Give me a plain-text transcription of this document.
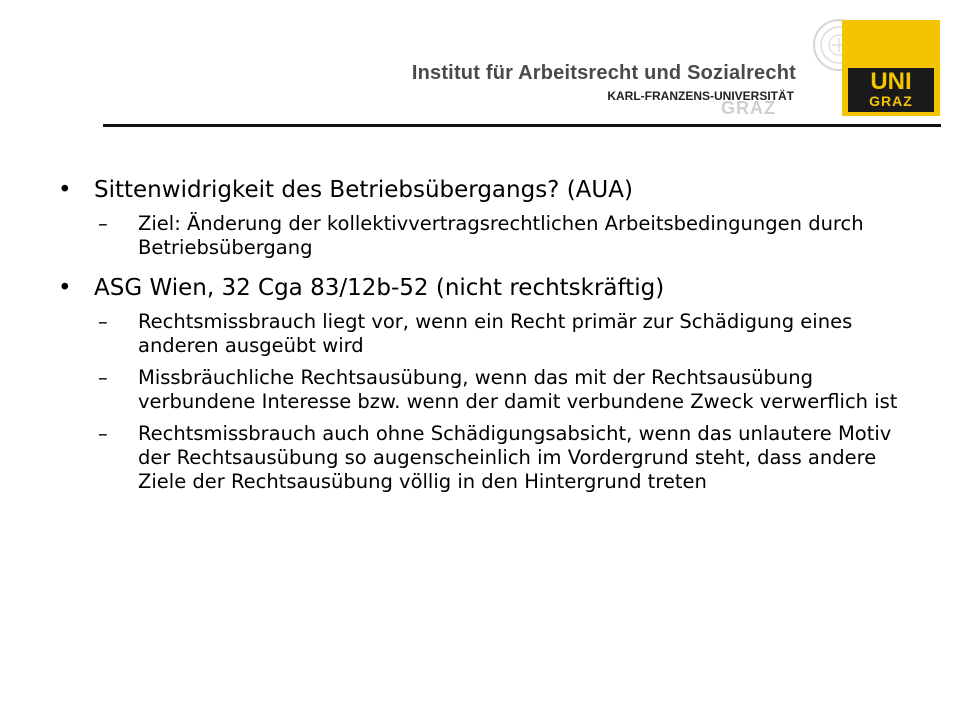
Institut für Arbeitsrecht und Sozialrecht
GRAZ
KARL-FRANZENS-UNIVERSITÄT
UNI
GRAZ
• Sittenwidrigkeit des Betriebsübergangs? (AUA)
– Ziel: Änderung der kollektivvertragsrechtlichen Arbeitsbedingungen durch Betriebsübergang
• ASG Wien, 32 Cga 83/12b-52 (nicht rechtskräftig)
– Rechtsmissbrauch liegt vor, wenn ein Recht primär zur Schädigung eines anderen ausgeübt wird
– Missbräuchliche Rechtsausübung, wenn das mit der Rechtsausübung verbundene Interesse bzw. wenn der damit verbundene Zweck verwerflich ist
– Rechtsmissbrauch auch ohne Schädigungsabsicht, wenn das unlautere Motiv der Rechtsausübung so augenscheinlich im Vordergrund steht, dass andere Ziele der Rechtsausübung völlig in den Hintergrund treten
